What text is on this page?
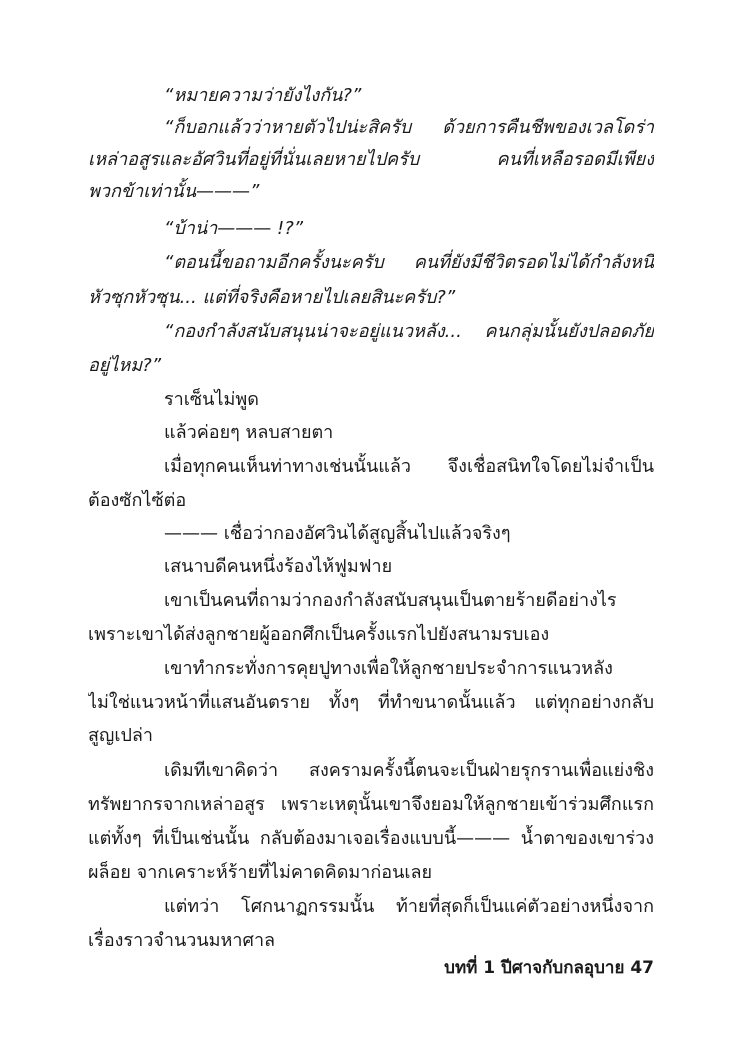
“หมายความว่ายังไงกัน?”
“ก็บอกแล้วว่าหายตัวไปน่ะสิครับ ด้วยการคืนชีพของเวลโดร่า
เหล่าอสูรและอัศวินที่อยู่ที่นั่นเลยหายไปครับ คนที่เหลือรอดมีเพียง
พวกข้าเท่านั้น———”
“บ้าน่า——— !?”
“ตอนนี้ขอถามอีกครั้งนะครับ คนที่ยังมีชีวิตรอดไม่ได้กำลังหนี
หัวซุกหัวซุน... แต่ที่จริงคือหายไปเลยสินะครับ?”
“กองกำลังสนับสนุนน่าจะอยู่แนวหลัง... คนกลุ่มนั้นยังปลอดภัย
อยู่ไหม?”
ราเซ็นไม่พูด
แล้วค่อยๆ หลบสายตา
เมื่อทุกคนเห็นท่าทางเช่นนั้นแล้ว จึงเชื่อสนิทใจโดยไม่จำเป็น
ต้องซักไซ้ต่อ
——— เชื่อว่ากองอัศวินได้สูญสิ้นไปแล้วจริงๆ
เสนาบดีคนหนึ่งร้องไห้ฟูมฟาย
เขาเป็นคนที่ถามว่ากองกำลังสนับสนุนเป็นตายร้ายดีอย่างไร
เพราะเขาได้ส่งลูกชายผู้ออกศึกเป็นครั้งแรกไปยังสนามรบเอง
เขาทำกระทั่งการคุยปูทางเพื่อให้ลูกชายประจำการแนวหลัง
ไม่ใช่แนวหน้าที่แสนอันตราย ทั้งๆ ที่ทำขนาดนั้นแล้ว แต่ทุกอย่างกลับ
สูญเปล่า
เดิมทีเขาคิดว่า สงครามครั้งนี้ตนจะเป็นฝ่ายรุกรานเพื่อแย่งชิง
ทรัพยากรจากเหล่าอสูร เพราะเหตุนั้นเขาจึงยอมให้ลูกชายเข้าร่วมศึกแรก
แต่ทั้งๆ ที่เป็นเช่นนั้น กลับต้องมาเจอเรื่องแบบนี้——— น้ำตาของเขาร่วง
ผล็อย จากเคราะห์ร้ายที่ไม่คาดคิดมาก่อนเลย
แต่ทว่า โศกนาฏกรรมนั้น ท้ายที่สุดก็เป็นแค่ตัวอย่างหนึ่งจาก
เรื่องราวจำนวนมหาศาล
บทที่ 1 ปีศาจกับกลอุบาย 47
